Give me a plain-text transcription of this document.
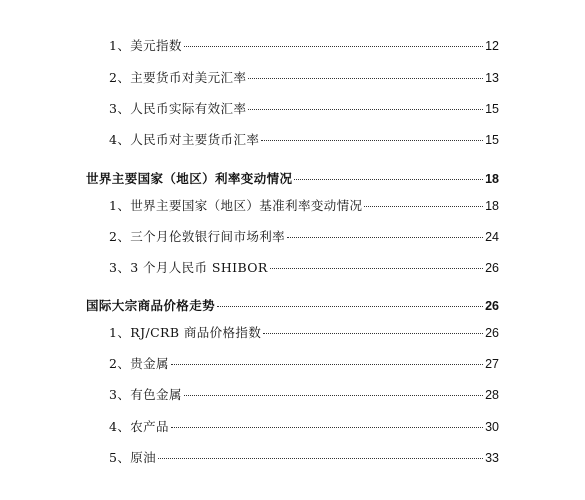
1、美元指数	12
2、主要货币对美元汇率	13
3、人民币实际有效汇率	15
4、人民币对主要货币汇率	15
世界主要国家（地区）利率变动情况	18
1、世界主要国家（地区）基准利率变动情况	18
2、三个月伦敦银行间市场利率	24
3、3 个月人民币 SHIBOR	26
国际大宗商品价格走势	26
1、RJ/CRB 商品价格指数	26
2、贵金属	27
3、有色金属	28
4、农产品	30
5、原油	33
